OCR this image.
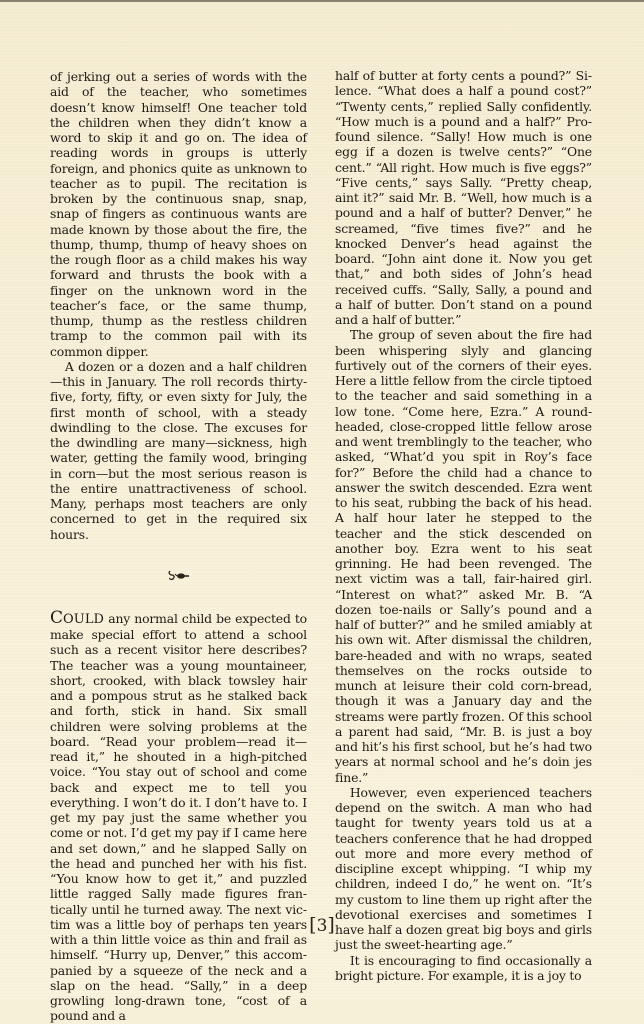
of jerking out a series of words with the aid of the teacher, who sometimes doesn’t know himself! One teacher told the children when they didn’t know a word to skip it and go on. The idea of reading words in groups is utterly foreign, and phonics quite as unknown to teacher as to pupil. The recitation is broken by the continuous snap, snap, snap of fingers as continuous wants are made known by those about the fire, the thump, thump, thump of heavy shoes on the rough floor as a child makes his way forward and thrusts the book with a finger on the unknown word in the teacher’s face, or the same thump, thump, thump as the restless children tramp to the common pail with its common dipper.

A dozen or a dozen and a half children —this in January. The roll records thirty-five, forty, fifty, or even sixty for July, the first month of school, with a steady dwindling to the close. The excuses for the dwindling are many—sickness, high water, getting the family wood, bringing in corn—but the most serious reason is the entire unattractiveness of school. Many, perhaps most teachers are only concerned to get in the required six hours.

COULD any normal child be expected to make special effort to attend a school such as a recent visitor here describes? The teacher was a young mountaineer, short, crooked, with black towsley hair and a pompous strut as he stalked back and forth, stick in hand. Six small children were solving problems at the board. “Read your problem—read it—read it,” he shouted in a high-pitched voice. “You stay out of school and come back and expect me to tell you everything. I won’t do it. I don’t have to. I get my pay just the same whether you come or not. I’d get my pay if I came here and set down,” and he slapped Sally on the head and punched her with his fist. “You know how to get it,” and puzzled little ragged Sally made figures frantically until he turned away. The next victim was a little boy of perhaps ten years with a thin little voice as thin and frail as himself. “Hurry up, Denver,” this accompanied by a squeeze of the neck and a slap on the head. “Sally,” in a deep growling long-drawn tone, “cost of a pound and a

half of butter at forty cents a pound?” Silence. “What does a half a pound cost?” “Twenty cents,” replied Sally confidently. “How much is a pound and a half?” Profound silence. “Sally! How much is one egg if a dozen is twelve cents?” “One cent.” “All right. How much is five eggs?” “Five cents,” says Sally. “Pretty cheap, aint it?” said Mr. B. “Well, how much is a pound and a half of butter? Denver,” he screamed, “five times five?” and he knocked Denver’s head against the board. “John aint done it. Now you get that,” and both sides of John’s head received cuffs. “Sally, Sally, a pound and a half of butter. Don’t stand on a pound and a half of butter.”

The group of seven about the fire had been whispering slyly and glancing furtively out of the corners of their eyes. Here a little fellow from the circle tiptoed to the teacher and said something in a low tone. “Come here, Ezra.” A round-headed, close-cropped little fellow arose and went tremblingly to the teacher, who asked, “What’d you spit in Roy’s face for?” Before the child had a chance to answer the switch descended. Ezra went to his seat, rubbing the back of his head. A half hour later he stepped to the teacher and the stick descended on another boy. Ezra went to his seat grinning. He had been revenged. The next victim was a tall, fair-haired girl. “Interest on what?” asked Mr. B. “A dozen toe-nails or Sally’s pound and a half of butter?” and he smiled amiably at his own wit. After dismissal the children, bare-headed and with no wraps, seated themselves on the rocks outside to munch at leisure their cold corn-bread, though it was a January day and the streams were partly frozen. Of this school a parent had said, “Mr. B. is just a boy and hit’s his first school, but he’s had two years at normal school and he’s doin jes fine.”

However, even experienced teachers depend on the switch. A man who had taught for twenty years told us at a teachers conference that he had dropped out more and more every method of discipline except whipping. “I whip my children, indeed I do,” he went on. “It’s my custom to line them up right after the devotional exercises and sometimes I have half a dozen great big boys and girls just the sweet-hearting age.”

It is encouraging to find occasionally a bright picture. For example, it is a joy to

[3]
